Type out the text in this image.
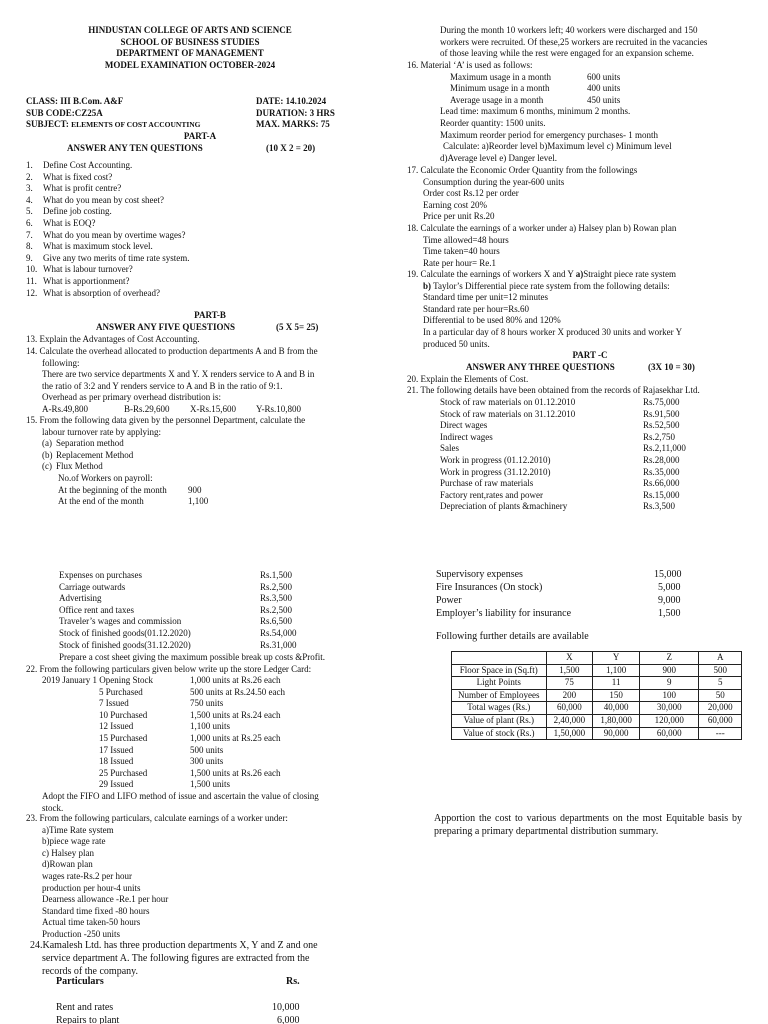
HINDUSTAN COLLEGE OF ARTS AND SCIENCE
SCHOOL OF BUSINESS STUDIES
DEPARTMENT OF MANAGEMENT
MODEL EXAMINATION OCTOBER-2024
CLASS: III B.Com. A&F
SUB CODE:CZ25A
SUBJECT: ELEMENTS OF COST ACCOUNTING
DATE: 14.10.2024
DURATION: 3 HRS
MAX. MARKS: 75
PART-A
ANSWER ANY TEN QUESTIONS	(10 X 2 = 20)
1. Define Cost Accounting.
2. What is fixed cost?
3. What is profit centre?
4. What do you mean by cost sheet?
5. Define job costing.
6. What is EOQ?
7. What do you mean by overtime wages?
8. What is maximum stock level.
9. Give any two merits of time rate system.
10. What is labour turnover?
11. What is apportionment?
12. What is absorption of overhead?
PART-B
ANSWER ANY FIVE QUESTIONS	(5 X 5= 25)
13. Explain the Advantages of Cost Accounting.
14. Calculate the overhead allocated to production departments A and B from the
following:
There are two service departments X and Y. X renders service to A and B in
the ratio of 3:2 and Y renders service to A and B in the ratio of 9:1.
Overhead as per primary overhead distribution is:
A-Rs.49,800	B-Rs.29,600 X-Rs.15,600 Y-Rs.10,800
15. From the following data given by the personnel Department, calculate the
labour turnover rate by applying:
(a) Separation method
(b) Replacement Method
(c) Flux Method
No.of Workers on payroll:
At the beginning of the month	900
At the end of the month	1,100
During the month 10 workers left; 40 workers were discharged and 150
workers were recruited. Of these,25 workers are recruited in the vacancies
of those leaving while the rest were engaged for an expansion scheme.
16. Material ‘A’ is used as follows:
Maximum usage in a month	600 units
Minimum usage in a month	400 units
Average usage in a month	450 units
Lead time: maximum 6 months, minimum 2 months.
Reorder quantity: 1500 units.
Maximum reorder period for emergency purchases- 1 month
Calculate: a)Reorder level b)Maximum level c) Minimum level
d)Average level e) Danger level.
17. Calculate the Economic Order Quantity from the followings
Consumption during the year-600 units
Order cost Rs.12 per order
Earning cost 20%
Price per unit Rs.20
18. Calculate the earnings of a worker under a) Halsey plan b) Rowan plan
Time allowed=48 hours
Time taken=40 hours
Rate per hour= Re.1
19. Calculate the earnings of workers X and Y a)Straight piece rate system
b) Taylor’s Differential piece rate system from the following details:
Standard time per unit=12 minutes
Standard rate per hour=Rs.60
Differential to be used 80% and 120%
In a particular day of 8 hours worker X produced 30 units and worker Y
produced 50 units.
PART -C
ANSWER ANY THREE QUESTIONS	(3X 10 = 30)
20. Explain the Elements of Cost.
21. The following details have been obtained from the records of Rajasekhar Ltd.
Stock of raw materials on 01.12.2010	Rs.75,000
Stock of raw materials on 31.12.2010	Rs.91,500
Direct wages	Rs.52,500
Indirect wages	Rs.2,750
Sales	Rs.2,11,000
Work in progress (01.12.2010)	Rs.28,000
Work in progress (31.12.2010)	Rs.35,000
Purchase of raw materials	Rs.66,000
Factory rent,rates and power	Rs.15,000
Depreciation of plants &machinery	Rs.3,500
Expenses on purchases	Rs.1,500
Carriage outwards	Rs.2,500
Advertising	Rs.3,500
Office rent and taxes	Rs.2,500
Traveler’s wages and commission	Rs.6,500
Stock of finished goods(01.12.2020)	Rs.54,000
Stock of finished goods(31.12.2020)	Rs.31,000
Prepare a cost sheet giving the maximum possible break up costs &Profit.
22. From the following particulars given below write up the store Ledger Card:
2019 January 1 Opening Stock	1,000 units at Rs.26 each
5 Purchased	500 units at Rs.24.50 each
7 Issued	750 units
10 Purchased	1,500 units at Rs.24 each
12 Issued	1,100 units
15 Purchased	1,000 units at Rs.25 each
17 Issued	500 units
18 Issued	300 units
25 Purchased	1,500 units at Rs.26 each
29 Issued	1,500 units
Adopt the FIFO and LIFO method of issue and ascertain the value of closing
stock.
23. From the following particulars, calculate earnings of a worker under:
a)Time Rate system
b)piece wage rate
c) Halsey plan
d)Rowan plan
wages rate-Rs.2 per hour
production per hour-4 units
Dearness allowance -Re.1 per hour
Standard time fixed -80 hours
Actual time taken-50 hours
Production -250 units
24.Kamalesh Ltd. has three production departments X, Y and Z and one
service department A. The following figures are extracted from the
records of the company.
Particulars	Rs.
Rent and rates	10,000
Repairs to plant	6,000
Supervisory expenses	15,000
Fire Insurances (On stock)	5,000
Power	9,000
Employer’s liability for insurance	1,500
Following further details are available
	X	Y	Z	A
Floor Space in (Sq.ft)	1,500	1,100	900	500
Light Points	75	11	9	5
Number of Employees	200	150	100	50
Total wages (Rs.)	60,000	40,000	30,000	20,000
Value of plant (Rs.)	2,40,000	1,80,000	120,000	60,000
Value of stock (Rs.)	1,50,000	90,000	60,000	---
Apportion the cost to various departments on the most Equitable basis by preparing a primary departmental distribution summary.
